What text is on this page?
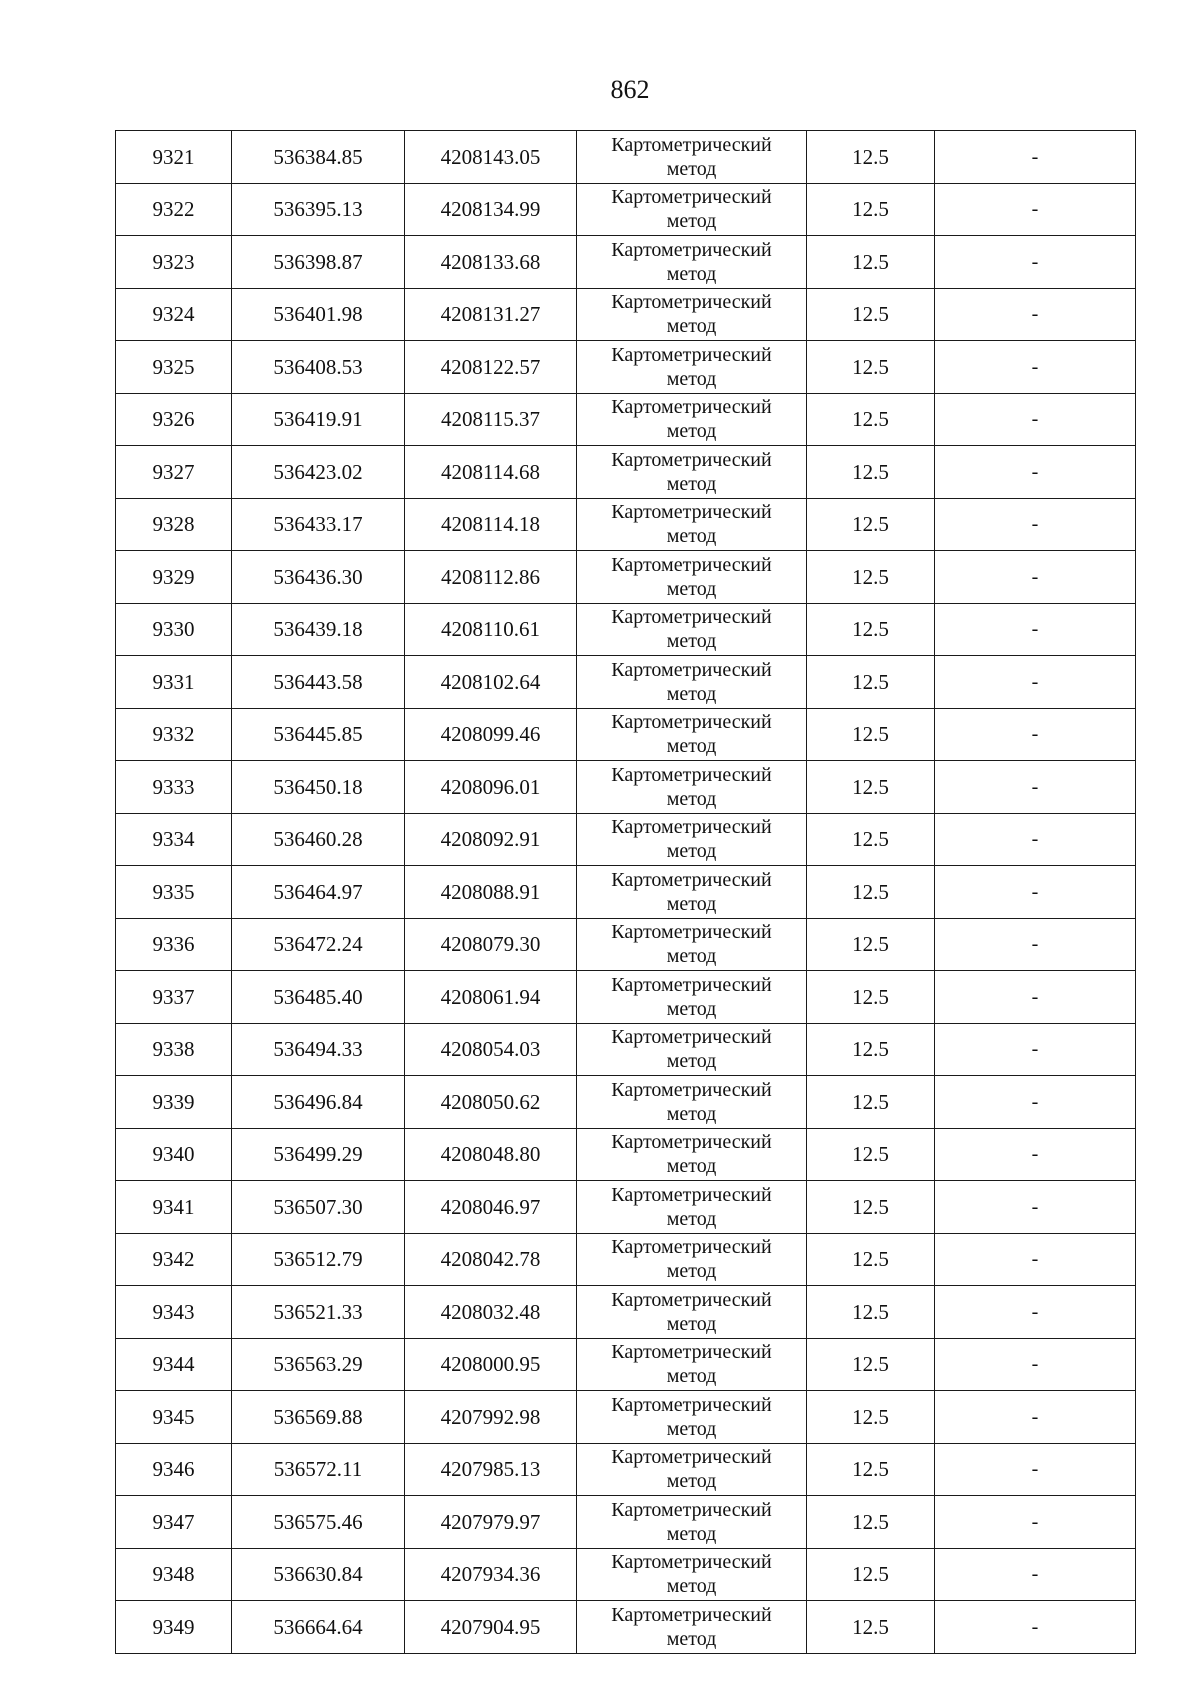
862
9321	536384.85	4208143.05	Картометрический
метод	12.5	-
9322	536395.13	4208134.99	Картометрический
метод	12.5	-
9323	536398.87	4208133.68	Картометрический
метод	12.5	-
9324	536401.98	4208131.27	Картометрический
метод	12.5	-
9325	536408.53	4208122.57	Картометрический
метод	12.5	-
9326	536419.91	4208115.37	Картометрический
метод	12.5	-
9327	536423.02	4208114.68	Картометрический
метод	12.5	-
9328	536433.17	4208114.18	Картометрический
метод	12.5	-
9329	536436.30	4208112.86	Картометрический
метод	12.5	-
9330	536439.18	4208110.61	Картометрический
метод	12.5	-
9331	536443.58	4208102.64	Картометрический
метод	12.5	-
9332	536445.85	4208099.46	Картометрический
метод	12.5	-
9333	536450.18	4208096.01	Картометрический
метод	12.5	-
9334	536460.28	4208092.91	Картометрический
метод	12.5	-
9335	536464.97	4208088.91	Картометрический
метод	12.5	-
9336	536472.24	4208079.30	Картометрический
метод	12.5	-
9337	536485.40	4208061.94	Картометрический
метод	12.5	-
9338	536494.33	4208054.03	Картометрический
метод	12.5	-
9339	536496.84	4208050.62	Картометрический
метод	12.5	-
9340	536499.29	4208048.80	Картометрический
метод	12.5	-
9341	536507.30	4208046.97	Картометрический
метод	12.5	-
9342	536512.79	4208042.78	Картометрический
метод	12.5	-
9343	536521.33	4208032.48	Картометрический
метод	12.5	-
9344	536563.29	4208000.95	Картометрический
метод	12.5	-
9345	536569.88	4207992.98	Картометрический
метод	12.5	-
9346	536572.11	4207985.13	Картометрический
метод	12.5	-
9347	536575.46	4207979.97	Картометрический
метод	12.5	-
9348	536630.84	4207934.36	Картометрический
метод	12.5	-
9349	536664.64	4207904.95	Картометрический
метод	12.5	-
